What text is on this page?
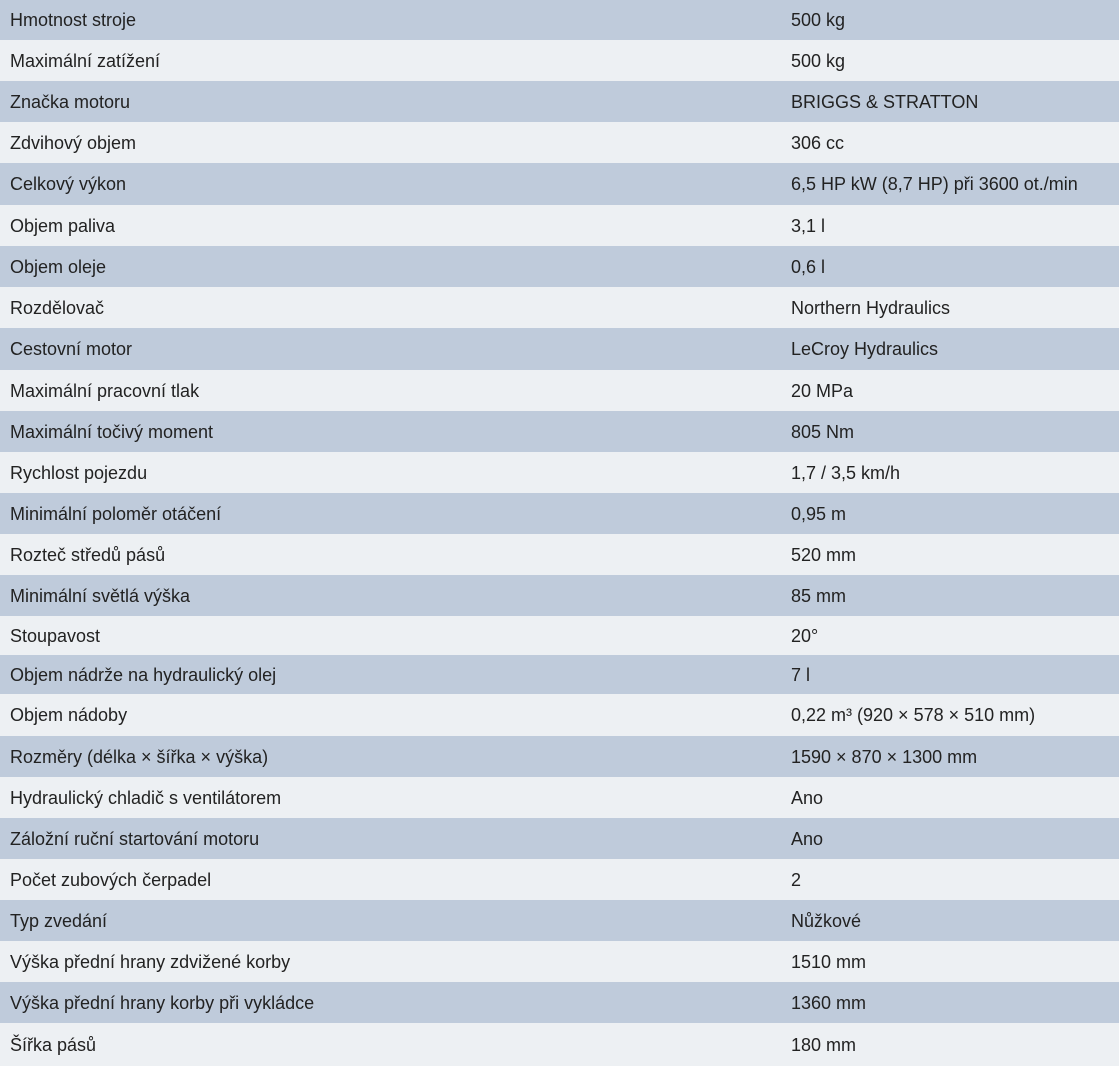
Hmotnost stroje	500 kg
Maximální zatížení	500 kg
Značka motoru	BRIGGS & STRATTON
Zdvihový objem	306 cc
Celkový výkon	6,5 HP kW (8,7 HP) při 3600 ot./min
Objem paliva	3,1 l
Objem oleje	0,6 l
Rozdělovač	Northern Hydraulics
Cestovní motor	LeCroy Hydraulics
Maximální pracovní tlak	20 MPa
Maximální točivý moment	805 Nm
Rychlost pojezdu	1,7 / 3,5 km/h
Minimální poloměr otáčení	0,95 m
Rozteč středů pásů	520 mm
Minimální světlá výška	85 mm
Stoupavost	20°
Objem nádrže na hydraulický olej	7 l
Objem nádoby	0,22 m³ (920 × 578 × 510 mm)
Rozměry (délka × šířka × výška)	1590 × 870 × 1300 mm
Hydraulický chladič s ventilátorem	Ano
Záložní ruční startování motoru	Ano
Počet zubových čerpadel	2
Typ zvedání	Nůžkové
Výška přední hrany zdvižené korby	1510 mm
Výška přední hrany korby při vykládce	1360 mm
Šířka pásů	180 mm
